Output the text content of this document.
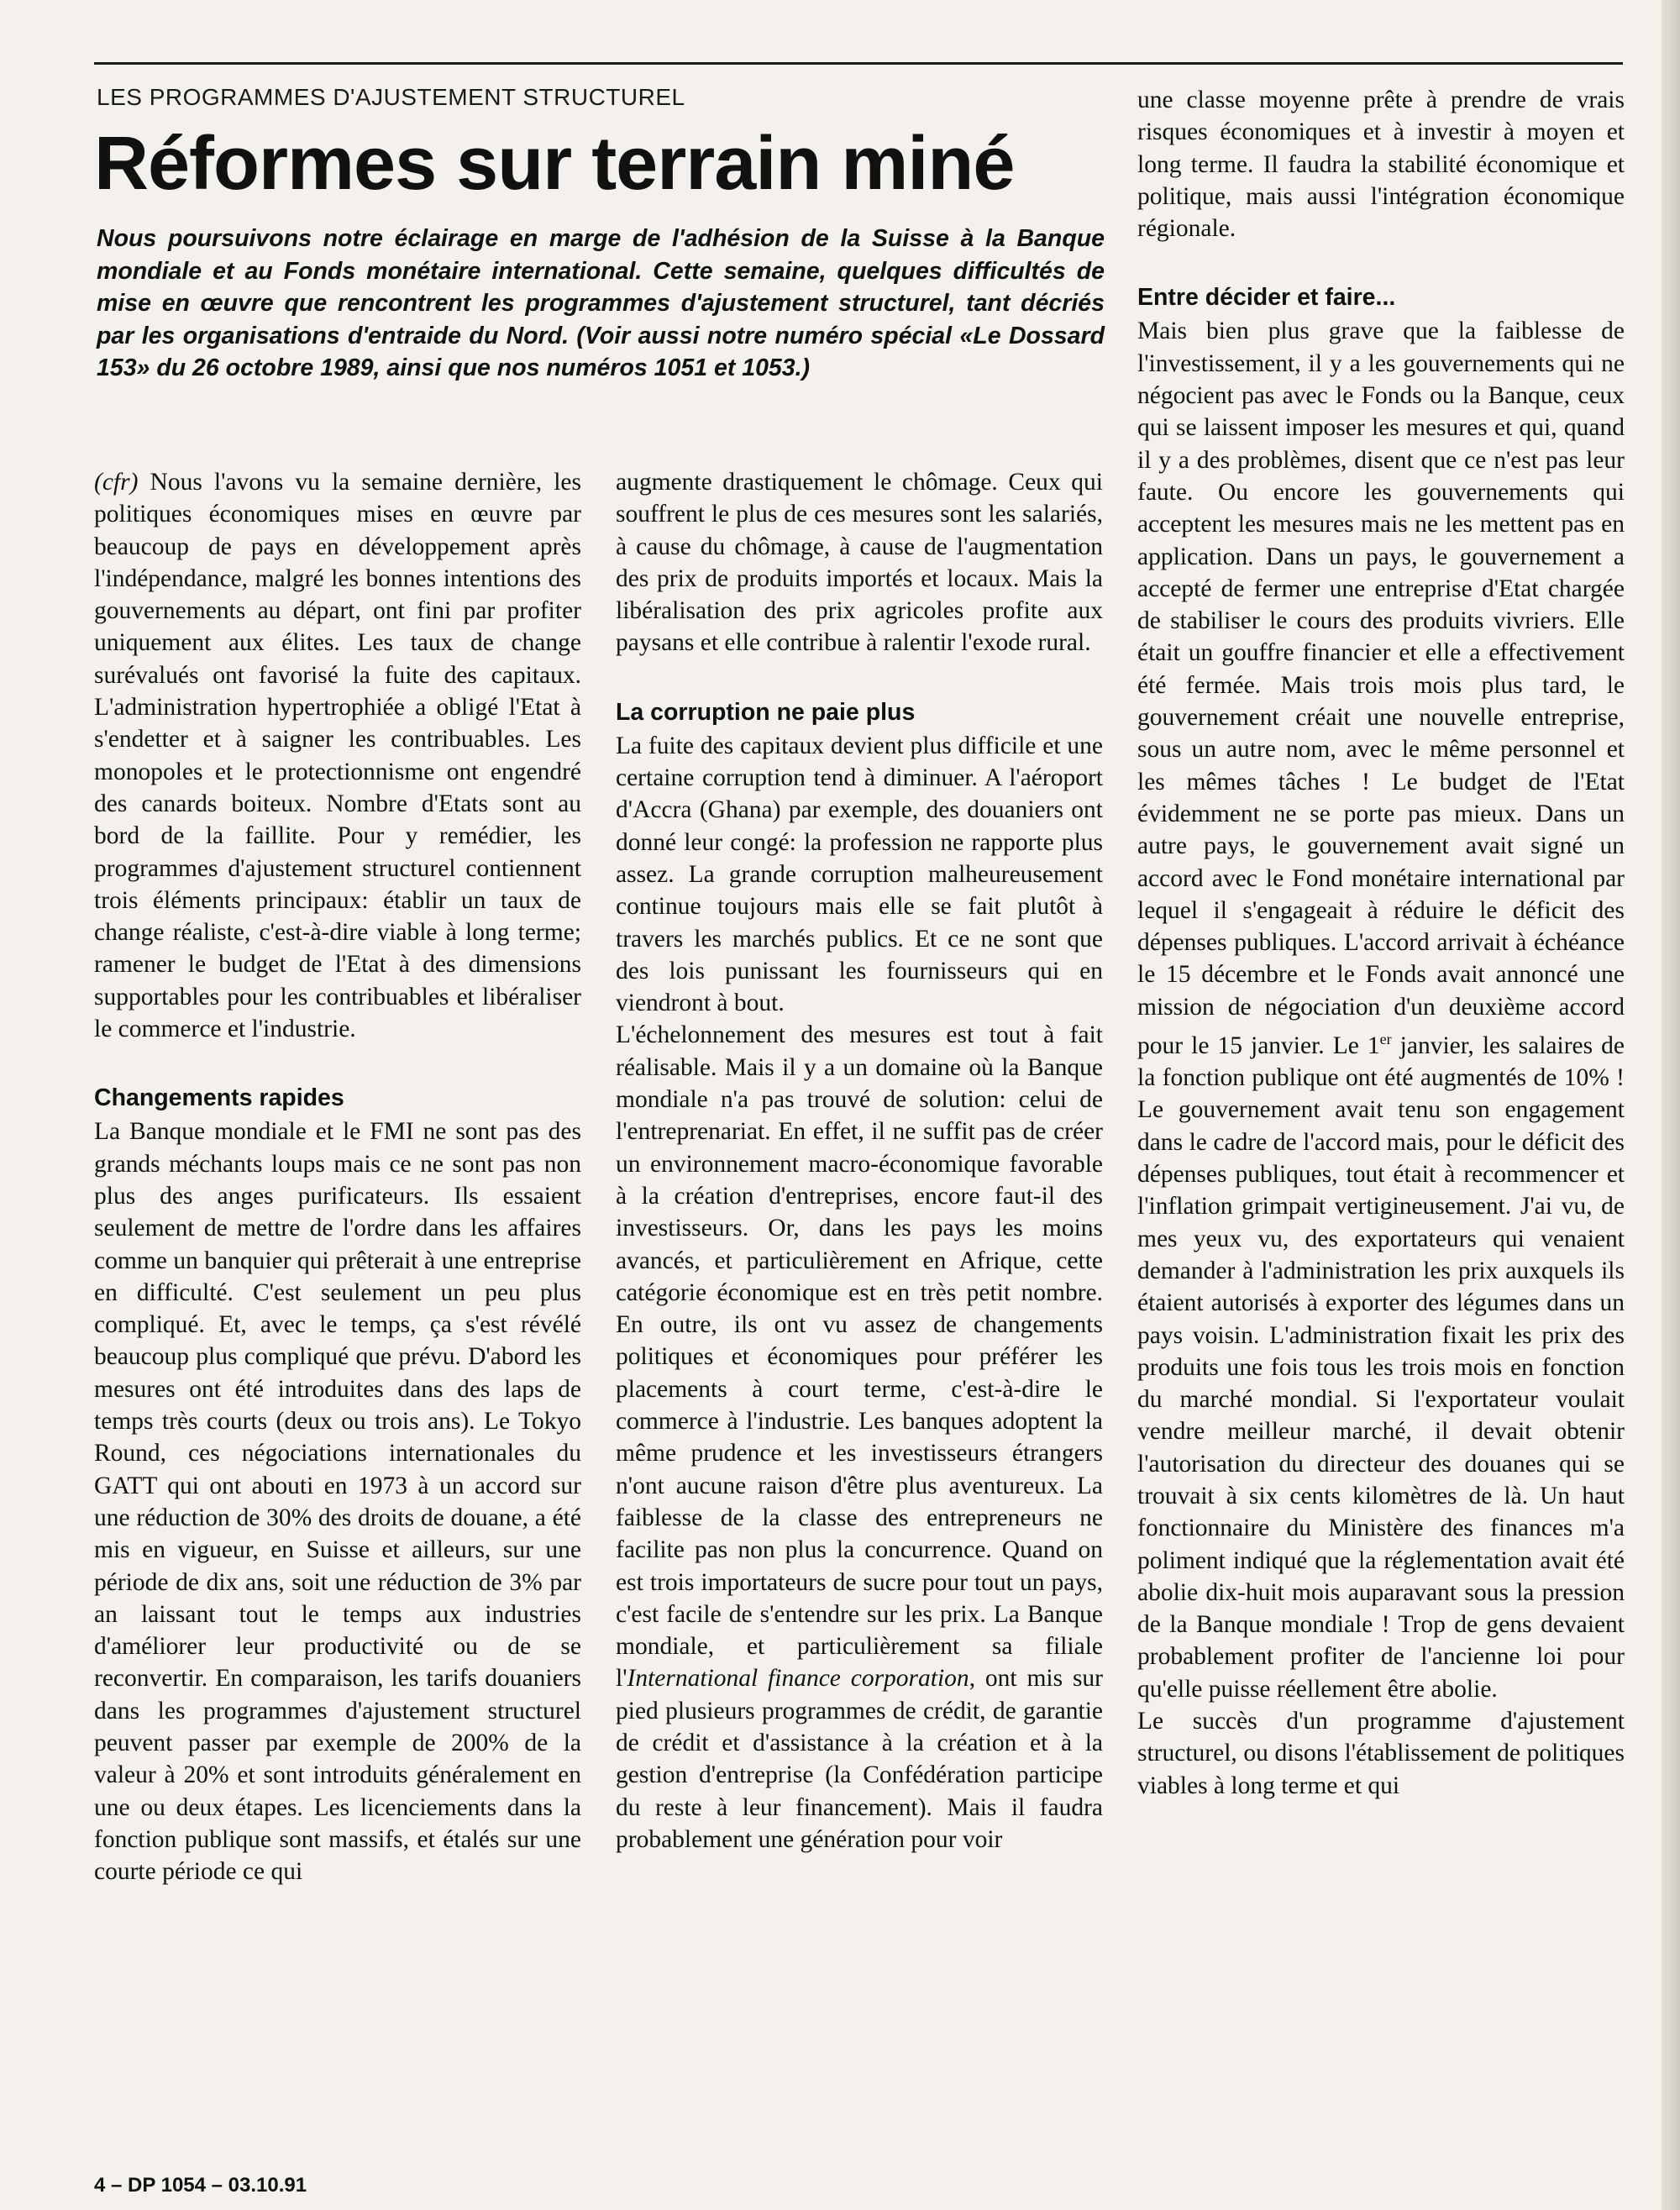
LES PROGRAMMES D'AJUSTEMENT STRUCTUREL
Réformes sur terrain miné
Nous poursuivons notre éclairage en marge de l'adhésion de la Suisse à la Banque mondiale et au Fonds monétaire international. Cette semaine, quelques difficultés de mise en œuvre que rencontrent les programmes d'ajustement structurel, tant décriés par les organisations d'entraide du Nord. (Voir aussi notre numéro spécial «Le Dossard 153» du 26 octobre 1989, ainsi que nos numéros 1051 et 1053.)

(cfr) Nous l'avons vu la semaine dernière, les politiques économiques mises en œuvre par beaucoup de pays en développement après l'indépendance, malgré les bonnes intentions des gouvernements au départ, ont fini par profiter uniquement aux élites. Les taux de change surévalués ont favorisé la fuite des capitaux. L'administration hypertrophiée a obligé l'Etat à s'endetter et à saigner les contribuables. Les monopoles et le protectionnisme ont engendré des canards boiteux. Nombre d'Etats sont au bord de la faillite. Pour y remédier, les programmes d'ajustement structurel contiennent trois éléments principaux: établir un taux de change réaliste, c'est-à-dire viable à long terme; ramener le budget de l'Etat à des dimensions supportables pour les contribuables et libéraliser le commerce et l'industrie.

Changements rapides

La Banque mondiale et le FMI ne sont pas des grands méchants loups mais ce ne sont pas non plus des anges purificateurs. Ils essaient seulement de mettre de l'ordre dans les affaires comme un banquier qui prêterait à une entreprise en difficulté. C'est seulement un peu plus compliqué. Et, avec le temps, ça s'est révélé beaucoup plus compliqué que prévu. D'abord les mesures ont été introduites dans des laps de temps très courts (deux ou trois ans). Le Tokyo Round, ces négociations internationales du GATT qui ont abouti en 1973 à un accord sur une réduction de 30% des droits de douane, a été mis en vigueur, en Suisse et ailleurs, sur une période de dix ans, soit une réduction de 3% par an laissant tout le temps aux industries d'améliorer leur productivité ou de se reconvertir. En comparaison, les tarifs douaniers dans les programmes d'ajustement structurel peuvent passer par exemple de 200% de la valeur à 20% et sont introduits généralement en une ou deux étapes. Les licenciements dans la fonction publique sont massifs, et étalés sur une courte période ce qui

augmente drastiquement le chômage. Ceux qui souffrent le plus de ces mesures sont les salariés, à cause du chômage, à cause de l'augmentation des prix de produits importés et locaux. Mais la libéralisation des prix agricoles profite aux paysans et elle contribue à ralentir l'exode rural.

La corruption ne paie plus

La fuite des capitaux devient plus difficile et une certaine corruption tend à diminuer. A l'aéroport d'Accra (Ghana) par exemple, des douaniers ont donné leur congé: la profession ne rapporte plus assez. La grande corruption malheureusement continue toujours mais elle se fait plutôt à travers les marchés publics. Et ce ne sont que des lois punissant les fournisseurs qui en viendront à bout.

L'échelonnement des mesures est tout à fait réalisable. Mais il y a un domaine où la Banque mondiale n'a pas trouvé de solution: celui de l'entreprenariat. En effet, il ne suffit pas de créer un environnement macro-économique favorable à la création d'entreprises, encore faut-il des investisseurs. Or, dans les pays les moins avancés, et particulièrement en Afrique, cette catégorie économique est en très petit nombre. En outre, ils ont vu assez de changements politiques et économiques pour préférer les placements à court terme, c'est-à-dire le commerce à l'industrie. Les banques adoptent la même prudence et les investisseurs étrangers n'ont aucune raison d'être plus aventureux. La faiblesse de la classe des entrepreneurs ne facilite pas non plus la concurrence. Quand on est trois importateurs de sucre pour tout un pays, c'est facile de s'entendre sur les prix. La Banque mondiale, et particulièrement sa filiale l'International finance corporation, ont mis sur pied plusieurs programmes de crédit, de garantie de crédit et d'assistance à la création et à la gestion d'entreprise (la Confédération participe du reste à leur financement). Mais il faudra probablement une génération pour voir

une classe moyenne prête à prendre de vrais risques économiques et à investir à moyen et long terme. Il faudra la stabilité économique et politique, mais aussi l'intégration économique régionale.

Entre décider et faire...

Mais bien plus grave que la faiblesse de l'investissement, il y a les gouvernements qui ne négocient pas avec le Fonds ou la Banque, ceux qui se laissent imposer les mesures et qui, quand il y a des problèmes, disent que ce n'est pas leur faute. Ou encore les gouvernements qui acceptent les mesures mais ne les mettent pas en application. Dans un pays, le gouvernement a accepté de fermer une entreprise d'Etat chargée de stabiliser le cours des produits vivriers. Elle était un gouffre financier et elle a effectivement été fermée. Mais trois mois plus tard, le gouvernement créait une nouvelle entreprise, sous un autre nom, avec le même personnel et les mêmes tâches ! Le budget de l'Etat évidemment ne se porte pas mieux. Dans un autre pays, le gouvernement avait signé un accord avec le Fond monétaire international par lequel il s'engageait à réduire le déficit des dépenses publiques. L'accord arrivait à échéance le 15 décembre et le Fonds avait annoncé une mission de négociation d'un deuxième accord pour le 15 janvier. Le 1er janvier, les salaires de la fonction publique ont été augmentés de 10% ! Le gouvernement avait tenu son engagement dans le cadre de l'accord mais, pour le déficit des dépenses publiques, tout était à recommencer et l'inflation grimpait vertigineusement. J'ai vu, de mes yeux vu, des exportateurs qui venaient demander à l'administration les prix auxquels ils étaient autorisés à exporter des légumes dans un pays voisin. L'administration fixait les prix des produits une fois tous les trois mois en fonction du marché mondial. Si l'exportateur voulait vendre meilleur marché, il devait obtenir l'autorisation du directeur des douanes qui se trouvait à six cents kilomètres de là. Un haut fonctionnaire du Ministère des finances m'a poliment indiqué que la réglementation avait été abolie dix-huit mois auparavant sous la pression de la Banque mondiale ! Trop de gens devaient probablement profiter de l'ancienne loi pour qu'elle puisse réellement être abolie.

Le succès d'un programme d'ajustement structurel, ou disons l'établissement de politiques viables à long terme et qui

4 – DP 1054 – 03.10.91
